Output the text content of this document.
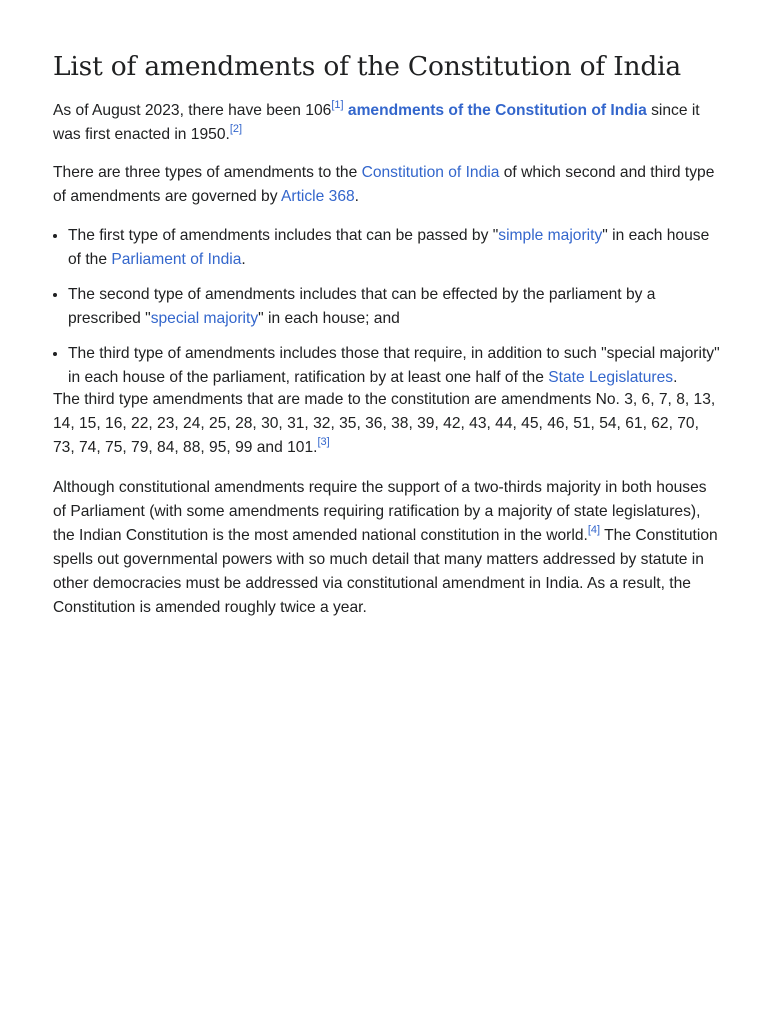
List of amendments of the Constitution of India

As of August 2023, there have been 106[1] amendments of the Constitution of India since it was first enacted in 1950.[2]

There are three types of amendments to the Constitution of India of which second and third type of amendments are governed by Article 368.

• The first type of amendments includes that can be passed by "simple majority" in each house of the Parliament of India.
• The second type of amendments includes that can be effected by the parliament by a prescribed "special majority" in each house; and
• The third type of amendments includes those that require, in addition to such "special majority" in each house of the parliament, ratification by at least one half of the State Legislatures.

The third type amendments that are made to the constitution are amendments No. 3, 6, 7, 8, 13, 14, 15, 16, 22, 23, 24, 25, 28, 30, 31, 32, 35, 36, 38, 39, 42, 43, 44, 45, 46, 51, 54, 61, 62, 70, 73, 74, 75, 79, 84, 88, 95, 99 and 101.[3]

Although constitutional amendments require the support of a two-thirds majority in both houses of Parliament (with some amendments requiring ratification by a majority of state legislatures), the Indian Constitution is the most amended national constitution in the world.[4] The Constitution spells out governmental powers with so much detail that many matters addressed by statute in other democracies must be addressed via constitutional amendment in India. As a result, the Constitution is amended roughly twice a year.
